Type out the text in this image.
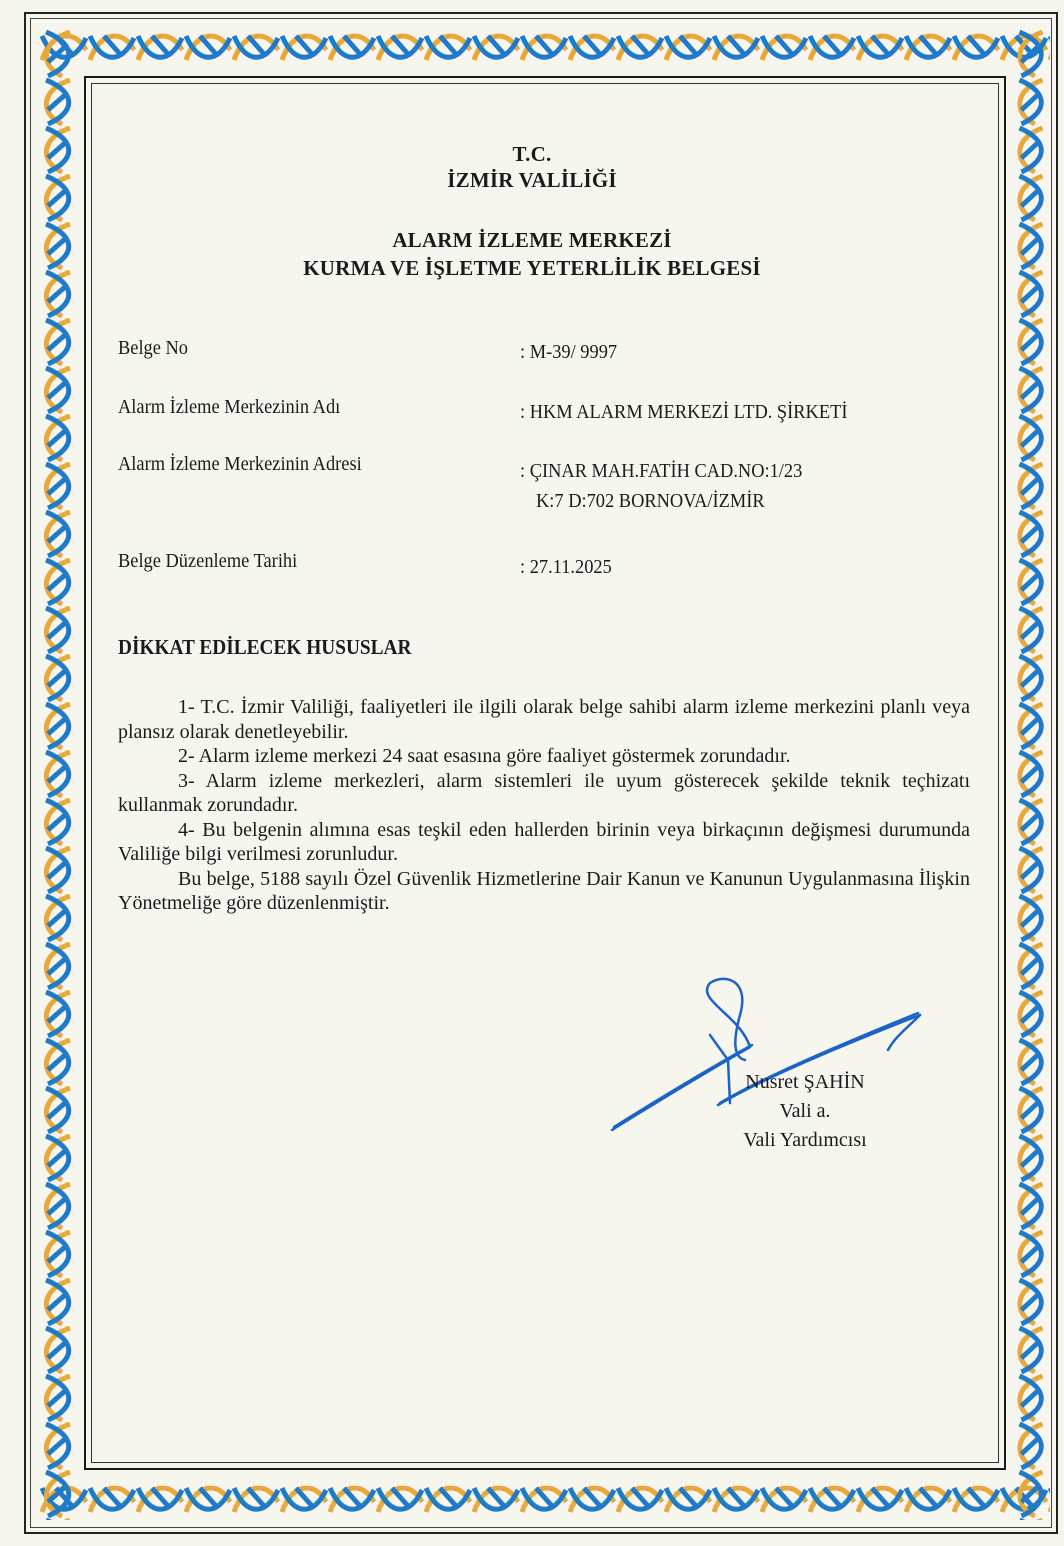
T.C.
İZMİR VALİLİĞİ
ALARM İZLEME MERKEZİ
KURMA VE İŞLETME YETERLİLİK BELGESİ
Belge No	: M-39/ 9997
Alarm İzleme Merkezinin Adı	: HKM ALARM MERKEZİ LTD. ŞİRKETİ
Alarm İzleme Merkezinin Adresi	: ÇINAR MAH.FATİH CAD.NO:1/23
K:7 D:702 BORNOVA/İZMİR
Belge Düzenleme Tarihi	: 27.11.2025
DİKKAT EDİLECEK HUSUSLAR

1- T.C. İzmir Valiliği, faaliyetleri ile ilgili olarak belge sahibi alarm izleme merkezini planlı veya plansız olarak denetleyebilir.

2- Alarm izleme merkezi 24 saat esasına göre faaliyet göstermek zorundadır.

3- Alarm izleme merkezleri, alarm sistemleri ile uyum gösterecek şekilde teknik teçhizatı kullanmak zorundadır.

4- Bu belgenin alımına esas teşkil eden hallerden birinin veya birkaçının değişmesi durumunda Valiliğe bilgi verilmesi zorunludur.

Bu belge, 5188 sayılı Özel Güvenlik Hizmetlerine Dair Kanun ve Kanunun Uygulanmasına İlişkin Yönetmeliğe göre düzenlenmiştir.

Nusret ŞAHİN
Vali a.
Vali Yardımcısı
